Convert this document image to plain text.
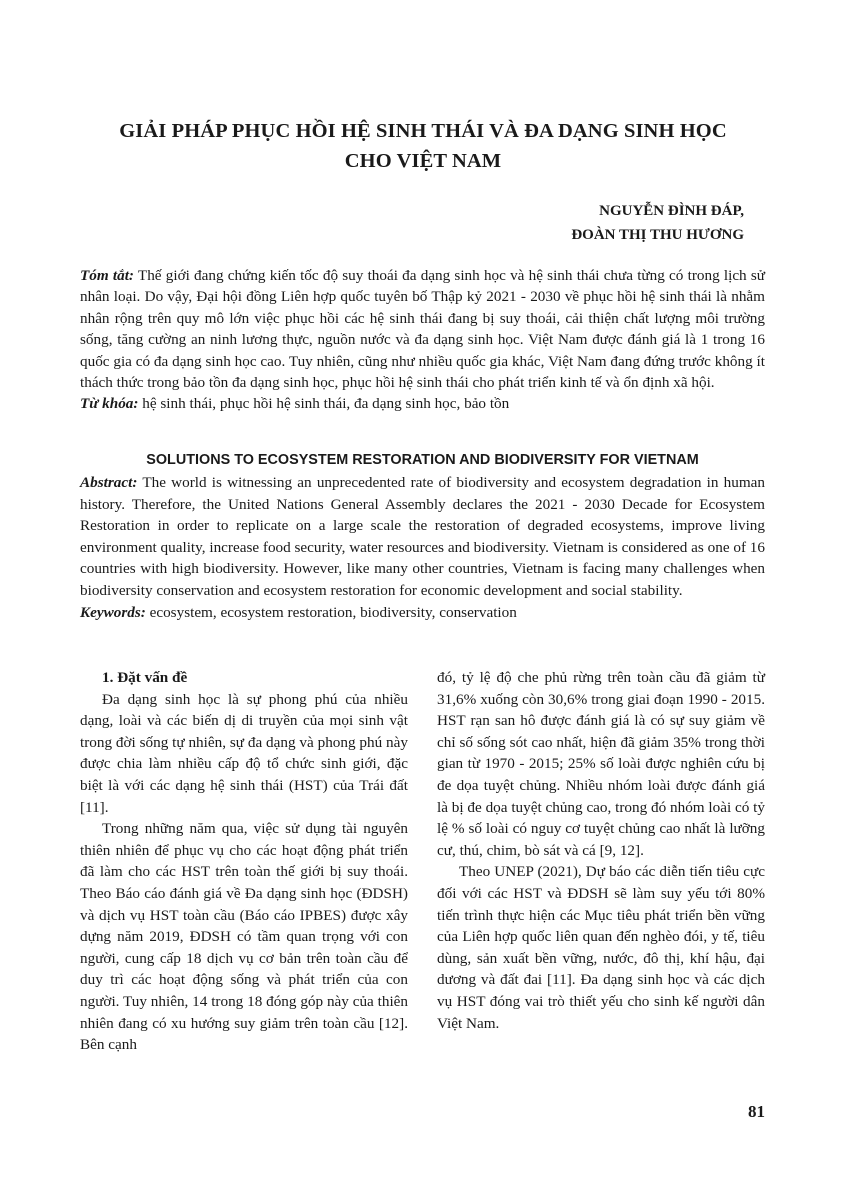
GIẢI PHÁP PHỤC HỒI HỆ SINH THÁI VÀ ĐA DẠNG SINH HỌC
CHO VIỆT NAM
NGUYỄN ĐÌNH ĐÁP,
ĐOÀN THỊ THU HƯƠNG

Tóm tắt: Thế giới đang chứng kiến tốc độ suy thoái đa dạng sinh học và hệ sinh thái chưa từng có trong lịch sử nhân loại. Do vậy, Đại hội đồng Liên hợp quốc tuyên bố Thập kỷ 2021 - 2030 về phục hồi hệ sinh thái là nhằm nhân rộng trên quy mô lớn việc phục hồi các hệ sinh thái đang bị suy thoái, cải thiện chất lượng môi trường sống, tăng cường an ninh lương thực, nguồn nước và đa dạng sinh học. Việt Nam được đánh giá là 1 trong 16 quốc gia có đa dạng sinh học cao. Tuy nhiên, cũng như nhiều quốc gia khác, Việt Nam đang đứng trước không ít thách thức trong bảo tồn đa dạng sinh học, phục hồi hệ sinh thái cho phát triển kinh tế và ổn định xã hội.

Từ khóa: hệ sinh thái, phục hồi hệ sinh thái, đa dạng sinh học, bảo tồn

SOLUTIONS TO ECOSYSTEM RESTORATION AND BIODIVERSITY FOR VIETNAM

Abstract: The world is witnessing an unprecedented rate of biodiversity and ecosystem degradation in human history. Therefore, the United Nations General Assembly declares the 2021 - 2030 Decade for Ecosystem Restoration in order to replicate on a large scale the restoration of degraded ecosystems, improve living environment quality, increase food security, water resources and biodiversity. Vietnam is considered as one of 16 countries with high biodiversity. However, like many other countries, Vietnam is facing many challenges when biodiversity conservation and ecosystem restoration for economic development and social stability.

Keywords: ecosystem, ecosystem restoration, biodiversity, conservation

1. Đặt vấn đề

Đa dạng sinh học là sự phong phú của nhiều dạng, loài và các biến dị di truyền của mọi sinh vật trong đời sống tự nhiên, sự đa dạng và phong phú này được chia làm nhiều cấp độ tổ chức sinh giới, đặc biệt là với các dạng hệ sinh thái (HST) của Trái đất [11].

Trong những năm qua, việc sử dụng tài nguyên thiên nhiên để phục vụ cho các hoạt động phát triển đã làm cho các HST trên toàn thế giới bị suy thoái. Theo Báo cáo đánh giá về Đa dạng sinh học (ĐDSH) và dịch vụ HST toàn cầu (Báo cáo IPBES) được xây dựng năm 2019, ĐDSH có tầm quan trọng với con người, cung cấp 18 dịch vụ cơ bản trên toàn cầu để duy trì các hoạt động sống và phát triển của con người. Tuy nhiên, 14 trong 18 đóng góp này của thiên nhiên đang có xu hướng suy giảm trên toàn cầu [12]. Bên cạnh

đó, tỷ lệ độ che phủ rừng trên toàn cầu đã giảm từ 31,6% xuống còn 30,6% trong giai đoạn 1990 - 2015. HST rạn san hô được đánh giá là có sự suy giảm về chỉ số sống sót cao nhất, hiện đã giảm 35% trong thời gian từ 1970 - 2015; 25% số loài được nghiên cứu bị đe dọa tuyệt chủng. Nhiều nhóm loài được đánh giá là bị đe dọa tuyệt chủng cao, trong đó nhóm loài có tỷ lệ % số loài có nguy cơ tuyệt chủng cao nhất là lưỡng cư, thú, chim, bò sát và cá [9, 12].

Theo UNEP (2021), Dự báo các diễn tiến tiêu cực đối với các HST và ĐDSH sẽ làm suy yếu tới 80% tiến trình thực hiện các Mục tiêu phát triển bền vững của Liên hợp quốc liên quan đến nghèo đói, y tế, tiêu dùng, sản xuất bền vững, nước, đô thị, khí hậu, đại dương và đất đai [11]. Đa dạng sinh học và các dịch vụ HST đóng vai trò thiết yếu cho sinh kế người dân Việt Nam.

81
